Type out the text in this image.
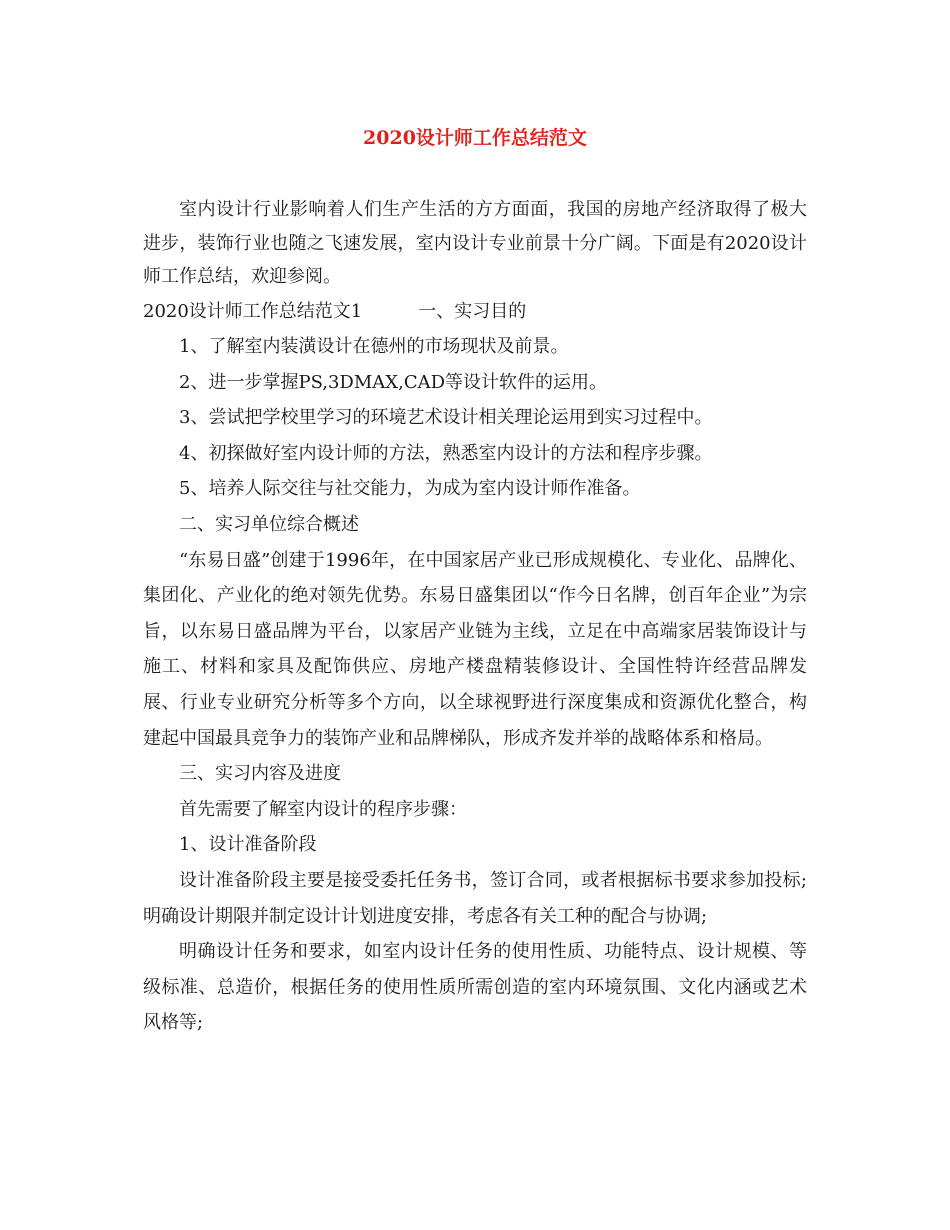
2020设计师工作总结范文

室内设计行业影响着人们生产生活的方方面面，我国的房地产经济取得了极大进步，装饰行业也随之飞速发展，室内设计专业前景十分广阔。下面是有2020设计师工作总结，欢迎参阅。

2020设计师工作总结范文1	一、实习目的

1、了解室内装潢设计在德州的市场现状及前景。

2、进一步掌握PS,3DMAX,CAD等设计软件的运用。

3、尝试把学校里学习的环境艺术设计相关理论运用到实习过程中。

4、初探做好室内设计师的方法，熟悉室内设计的方法和程序步骤。

5、培养人际交往与社交能力，为成为室内设计师作准备。

二、实习单位综合概述

“东易日盛”创建于1996年，在中国家居产业已形成规模化、专业化、品牌化、集团化、产业化的绝对领先优势。东易日盛集团以“作今日名牌，创百年企业”为宗旨，以东易日盛品牌为平台，以家居产业链为主线，立足在中高端家居装饰设计与施工、材料和家具及配饰供应、房地产楼盘精装修设计、全国性特许经营品牌发展、行业专业研究分析等多个方向，以全球视野进行深度集成和资源优化整合，构建起中国最具竞争力的装饰产业和品牌梯队，形成齐发并举的战略体系和格局。

三、实习内容及进度

首先需要了解室内设计的程序步骤：

1、设计准备阶段

设计准备阶段主要是接受委托任务书，签订合同，或者根据标书要求参加投标;明确设计期限并制定设计计划进度安排，考虑各有关工种的配合与协调;

明确设计任务和要求，如室内设计任务的使用性质、功能特点、设计规模、等级标准、总造价，根据任务的使用性质所需创造的室内环境氛围、文化内涵或艺术风格等;
